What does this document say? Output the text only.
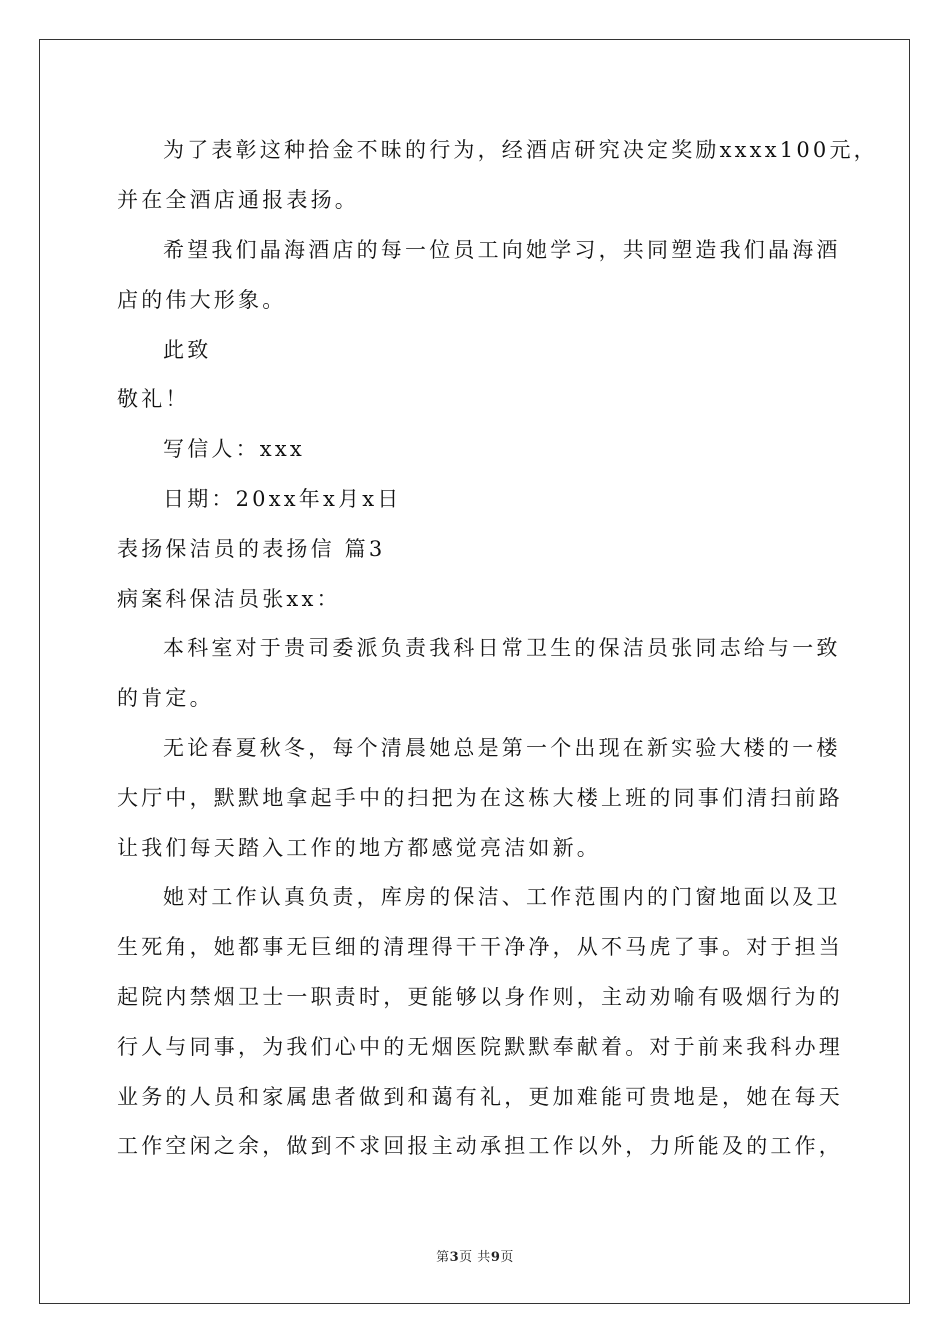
为了表彰这种拾金不昧的行为，经酒店研究决定奖励xxxx100元，
并在全酒店通报表扬。
希望我们晶海酒店的每一位员工向她学习，共同塑造我们晶海酒
店的伟大形象。
此致
敬礼！
写信人：xxx
日期：20xx年x月x日
表扬保洁员的表扬信 篇3
病案科保洁员张xx：
本科室对于贵司委派负责我科日常卫生的保洁员张同志给与一致
的肯定。
无论春夏秋冬，每个清晨她总是第一个出现在新实验大楼的一楼
大厅中，默默地拿起手中的扫把为在这栋大楼上班的同事们清扫前路
让我们每天踏入工作的地方都感觉亮洁如新。
她对工作认真负责，库房的保洁、工作范围内的门窗地面以及卫
生死角，她都事无巨细的清理得干干净净，从不马虎了事。对于担当
起院内禁烟卫士一职责时，更能够以身作则，主动劝喻有吸烟行为的
行人与同事，为我们心中的无烟医院默默奉献着。对于前来我科办理
业务的人员和家属患者做到和蔼有礼，更加难能可贵地是，她在每天
工作空闲之余，做到不求回报主动承担工作以外，力所能及的工作，
第3页 共9页
